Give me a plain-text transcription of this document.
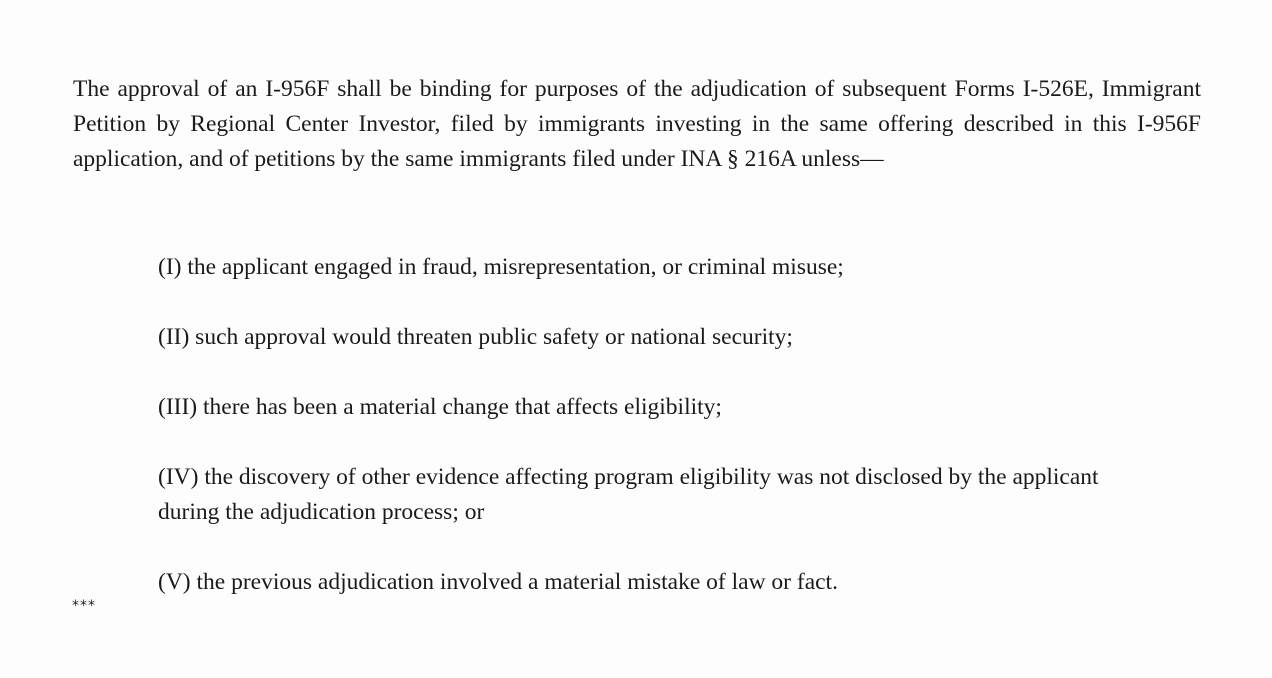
The approval of an I-956F shall be binding for purposes of the adjudication of subsequent Forms I-526E, Immigrant Petition by Regional Center Investor, filed by immigrants investing in the same offering described in this I-956F application, and of petitions by the same immigrants filed under INA § 216A unless—

(I) the applicant engaged in fraud, misrepresentation, or criminal misuse;

(II) such approval would threaten public safety or national security;

(III) there has been a material change that affects eligibility;

(IV) the discovery of other evidence affecting program eligibility was not disclosed by the applicant during the adjudication process; or

(V) the previous adjudication involved a material mistake of law or fact.

***
